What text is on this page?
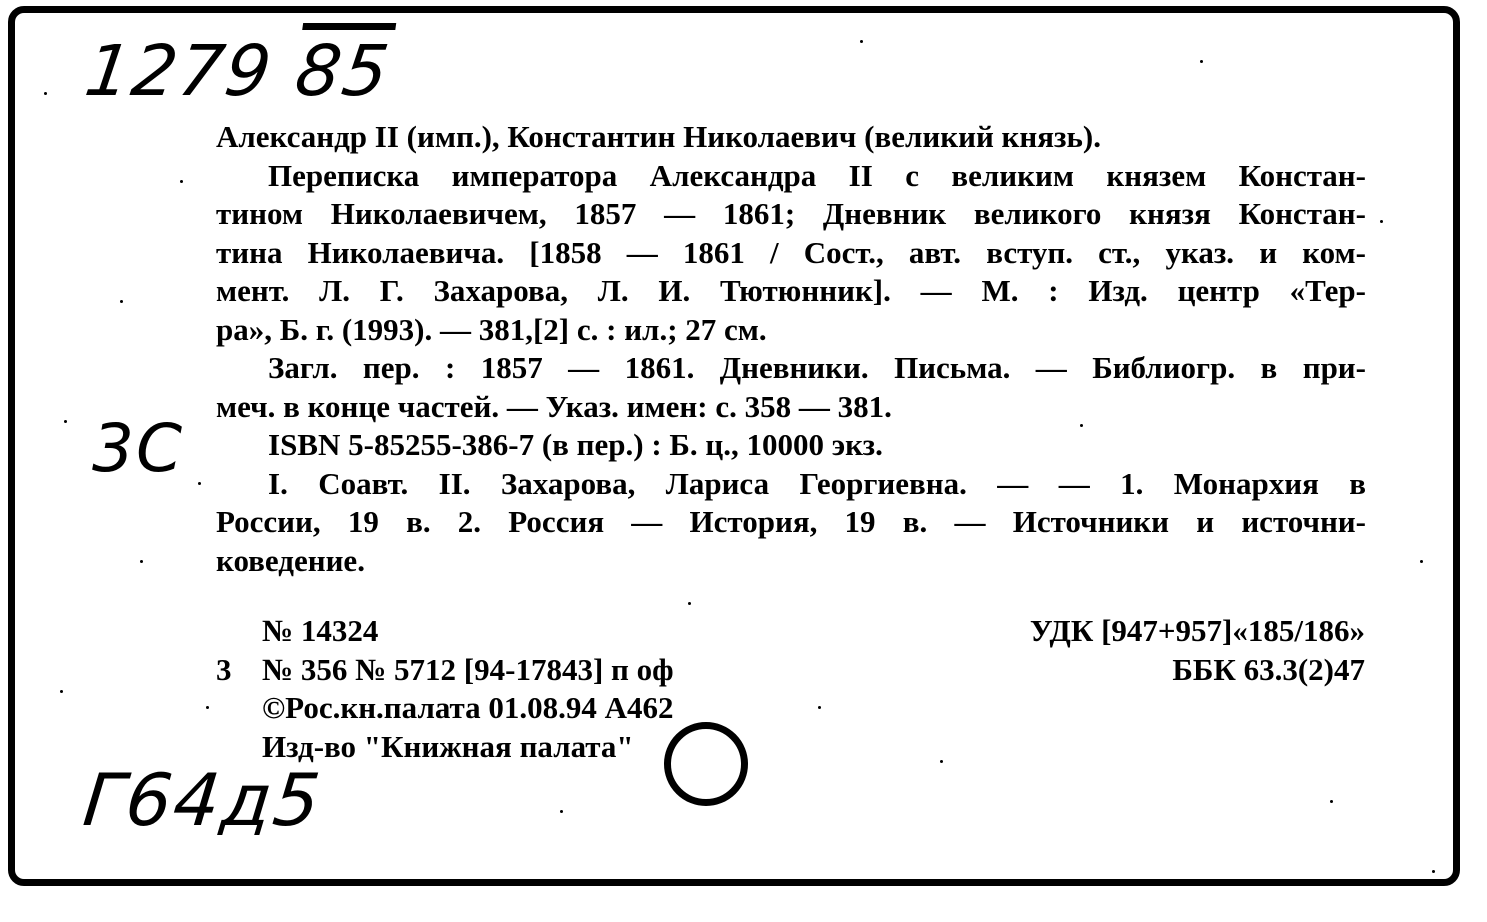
1279 85
3C
Г64д5
Александр II (имп.), Константин Николаевич (великий князь).
Переписка императора Александра II с великим князем Констан-
тином Николаевичем, 1857 — 1861; Дневник великого князя Констан-
тина Николаевича. [1858 — 1861 / Сост., авт. вступ. ст., указ. и ком-
мент. Л. Г. Захарова, Л. И. Тютюнник]. — М. : Изд. центр «Тер-
ра», Б. г. (1993). — 381,[2] с. : ил.; 27 см.
Загл. пер. : 1857 — 1861. Дневники. Письма. — Библиогр. в при-
меч. в конце частей. — Указ. имен: с. 358 — 381.
ISBN 5-85255-386-7 (в пер.) : Б. ц., 10000 экз.
I. Соавт. II. Захарова, Лариса Георгиевна. — — 1. Монархия в
России, 19 в. 2. Россия — История, 19 в. — Источники и источни-
коведение.
№ 14324
3 № 356 № 5712 [94-17843] п оф
©Рос.кн.палата 01.08.94 А462
Изд-во "Книжная палата"
УДК [947+957]«185/186»
ББК 63.3(2)47
